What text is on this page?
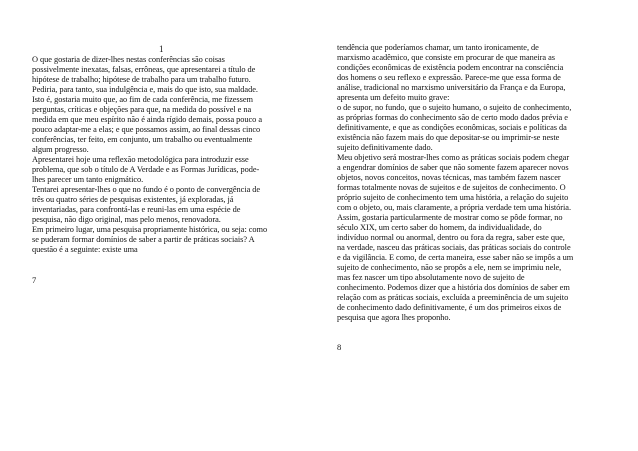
1
O que gostaria de dizer-lhes nestas conferências são coisas
possivelmente inexatas, falsas, errôneas, que apresentarei a título de
hipótese de trabalho; hipótese de trabalho para um trabalho futuro.
Pediria, para tanto, sua indulgência e, mais do que isto, sua maldade.
Isto é, gostaria muito que, ao fim de cada conferência, me fizessem
perguntas, críticas e objeções para que, na medida do possível e na
medida em que meu espírito não é ainda rígido demais, possa pouco a
pouco adaptar-me a elas; e que possamos assim, ao final dessas cinco
conferências, ter feito, em conjunto, um trabalho ou eventualmente
algum progresso.
Apresentarei hoje uma reflexão metodológica para introduzir esse
problema, que sob o título de A Verdade e as Formas Jurídicas, pode-
lhes parecer um tanto enigmático.
Tentarei apresentar-lhes o que no fundo é o ponto de convergência de
três ou quatro séries de pesquisas existentes, já exploradas, já
inventariadas, para confrontá-las e reuni-las em uma espécie de
pesquisa, não digo original, mas pelo menos, renovadora.
Em primeiro lugar, uma pesquisa propriamente histórica, ou seja: como
se puderam formar domínios de saber a partir de práticas sociais? A
questão é a seguinte: existe uma
7
tendência que poderíamos chamar, um tanto ironicamente, de
marxismo acadêmico, que consiste em procurar de que maneira as
condições econômicas de existência podem encontrar na consciência
dos homens o seu reflexo e expressão. Parece-me que essa forma de
análise, tradicional no marxismo universitário da França e da Europa,
apresenta um defeito muito grave:
o de supor, no fundo, que o sujeito humano, o sujeito de conhecimento,
as próprias formas do conhecimento são de certo modo dados prévia e
definitivamente, e que as condições econômicas, sociais e políticas da
existência não fazem mais do que depositar-se ou imprimir-se neste
sujeito definitivamente dado.
Meu objetivo será mostrar-lhes como as práticas sociais podem chegar
a engendrar domínios de saber que não somente fazem aparecer novos
objetos, novos conceitos, novas técnicas, mas também fazem nascer
formas totalmente novas de sujeitos e de sujeitos de conhecimento. O
próprio sujeito de conhecimento tem uma história, a relação do sujeito
com o objeto, ou, mais claramente, a própria verdade tem uma história.
Assim, gostaria particularmente de mostrar como se pôde formar, no
século XIX, um certo saber do homem, da individualidade, do
indivíduo normal ou anormal, dentro ou fora da regra, saber este que,
na verdade, nasceu das práticas sociais, das práticas sociais do controle
e da vigilância. E como, de certa maneira, esse saber não se impôs a um
sujeito de conhecimento, não se propôs a ele, nem se imprimiu nele,
mas fez nascer um tipo absolutamente novo de sujeito de
conhecimento. Podemos dizer que a história dos domínios de saber em
relação com as práticas sociais, excluída a preeminência de um sujeito
de conhecimento dado definitivamente, é um dos primeiros eixos de
pesquisa que agora lhes proponho.
8
